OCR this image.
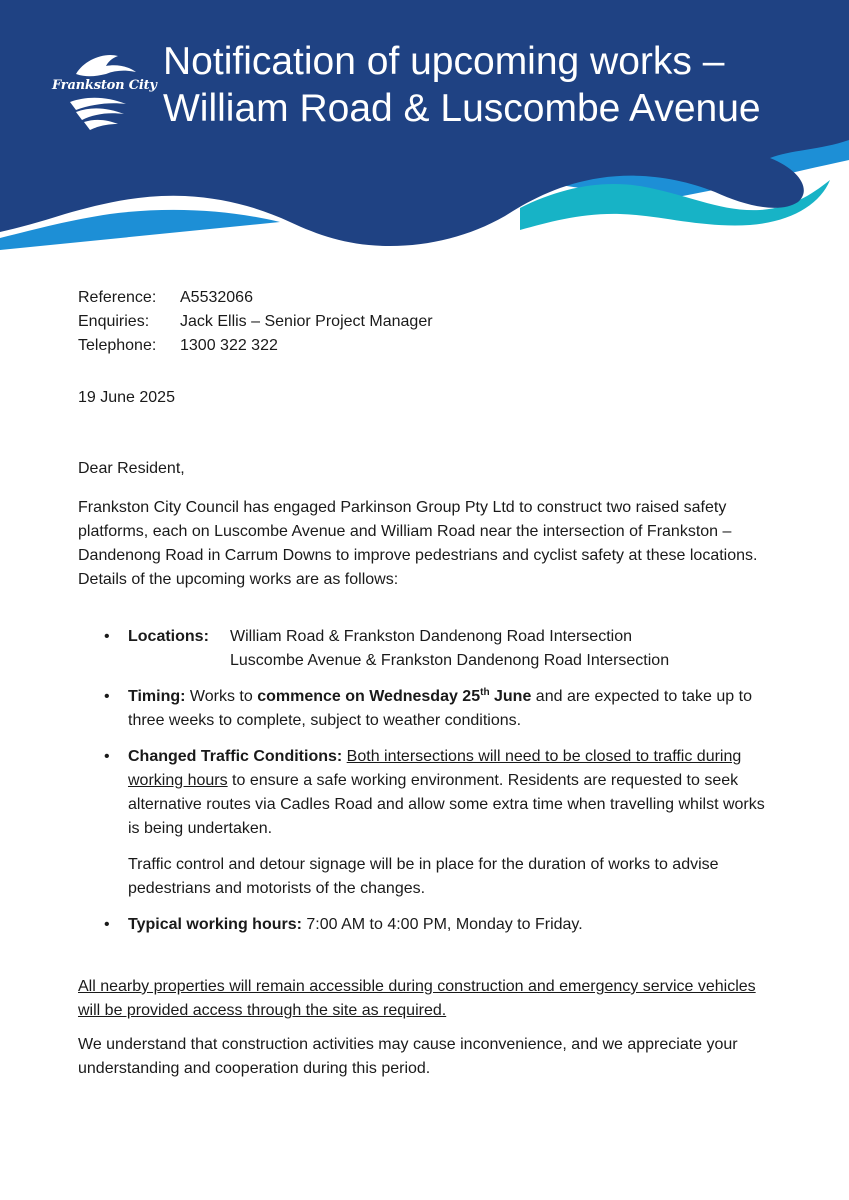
Frankston City
Notification of upcoming works –
William Road & Luscombe Avenue
Reference:	A5532066
Enquiries:	Jack Ellis – Senior Project Manager
Telephone:	1300 322 322
19 June 2025
Dear Resident,

Frankston City Council has engaged Parkinson Group Pty Ltd to construct two raised safety platforms, each on Luscombe Avenue and William Road near the intersection of Frankston – Dandenong Road in Carrum Downs to improve pedestrians and cyclist safety at these locations. Details of the upcoming works are as follows:

• Locations:	William Road & Frankston Dandenong Road Intersection
Luscombe Avenue & Frankston Dandenong Road Intersection
• Timing: Works to commence on Wednesday 25th June and are expected to take up to three weeks to complete, subject to weather conditions.
• Changed Traffic Conditions: Both intersections will need to be closed to traffic during working hours to ensure a safe working environment. Residents are requested to seek alternative routes via Cadles Road and allow some extra time when travelling whilst works is being undertaken.
Traffic control and detour signage will be in place for the duration of works to advise pedestrians and motorists of the changes.
• Typical working hours: 7:00 AM to 4:00 PM, Monday to Friday.

All nearby properties will remain accessible during construction and emergency service vehicles will be provided access through the site as required.

We understand that construction activities may cause inconvenience, and we appreciate your understanding and cooperation during this period.
